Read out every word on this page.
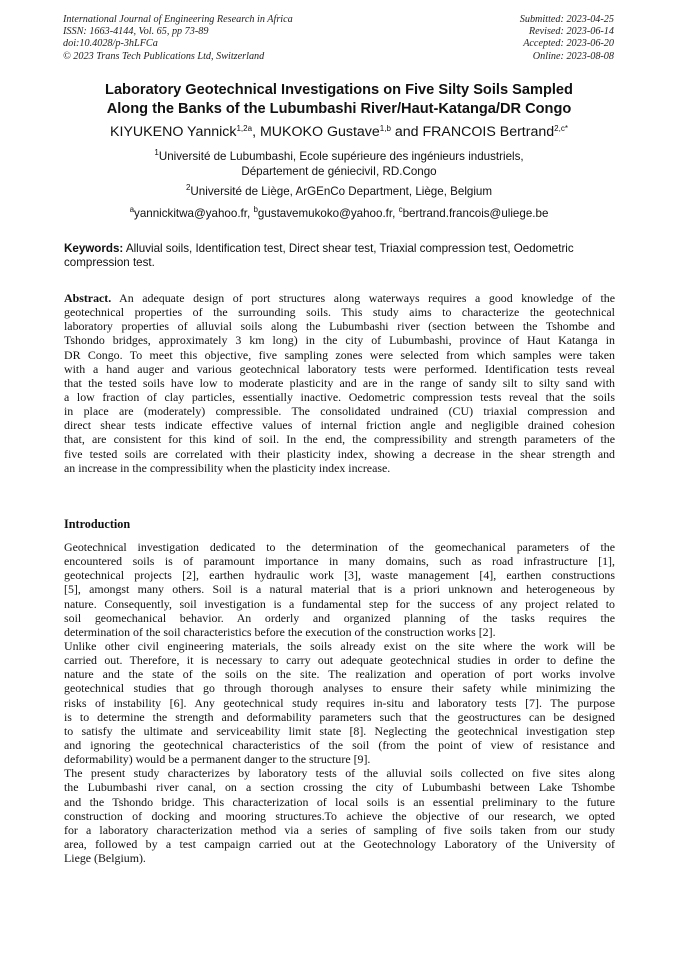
International Journal of Engineering Research in Africa
ISSN: 1663-4144, Vol. 65, pp 73-89
doi:10.4028/p-3hLFCa
© 2023 Trans Tech Publications Ltd, Switzerland
Submitted: 2023-04-25
Revised: 2023-06-14
Accepted: 2023-06-20
Online: 2023-08-08
Laboratory Geotechnical Investigations on Five Silty Soils Sampled
Along the Banks of the Lubumbashi River/Haut-Katanga/DR Congo
KIYUKENO Yannick$^{1,2a}$, MUKOKO Gustave$^{1,b}$ and FRANCOIS Bertrand$^{2,c*}$
$^1$Université de Lubumbashi, Ecole supérieure des ingénieurs industriels,
Département de génieciviI, RD.Congo
$^2$Université de Liège, ArGEnCo Department, Liège, Belgium
$^a$yannickitwa@yahoo.fr, $^b$gustavemukoko@yahoo.fr, $^c$bertrand.francois@uliege.be
Keywords: Alluvial soils, Identification test, Direct shear test, Triaxial compression test, Oedometric
compression test.
Abstract. An adequate design of port structures along waterways requires a good knowledge of the
geotechnical properties of the surrounding soils. This study aims to characterize the geotechnical
laboratory properties of alluvial soils along the Lubumbashi river (section between the Tshombe and
Tshondo bridges, approximately 3 km long) in the city of Lubumbashi, province of Haut Katanga in
DR Congo. To meet this objective, five sampling zones were selected from which samples were taken
with a hand auger and various geotechnical laboratory tests were performed. Identification tests reveal
that the tested soils have low to moderate plasticity and are in the range of sandy silt to silty sand with
a low fraction of clay particles, essentially inactive. Oedometric compression tests reveal that the soils
in place are (moderately) compressible. The consolidated undrained (CU) triaxial compression and
direct shear tests indicate effective values of internal friction angle and negligible drained cohesion
that, are consistent for this kind of soil. In the end, the compressibility and strength parameters of the
five tested soils are correlated with their plasticity index, showing a decrease in the shear strength and
an increase in the compressibility when the plasticity index increase.
Introduction
Geotechnical investigation dedicated to the determination of the geomechanical parameters of the
encountered soils is of paramount importance in many domains, such as road infrastructure [1],
geotechnical projects [2], earthen hydraulic work [3], waste management [4], earthen constructions
[5], amongst many others. Soil is a natural material that is a priori unknown and heterogeneous by
nature. Consequently, soil investigation is a fundamental step for the success of any project related to
soil geomechanical behavior. An orderly and organized planning of the tasks requires the
determination of the soil characteristics before the execution of the construction works [2].
Unlike other civil engineering materials, the soils already exist on the site where the work will be
carried out. Therefore, it is necessary to carry out adequate geotechnical studies in order to define the
nature and the state of the soils on the site. The realization and operation of port works involve
geotechnical studies that go through thorough analyses to ensure their safety while minimizing the
risks of instability [6]. Any geotechnical study requires in-situ and laboratory tests [7]. The purpose
is to determine the strength and deformability parameters such that the geostructures can be designed
to satisfy the ultimate and serviceability limit state [8]. Neglecting the geotechnical investigation step
and ignoring the geotechnical characteristics of the soil (from the point of view of resistance and
deformability) would be a permanent danger to the structure [9].
The present study characterizes by laboratory tests of the alluvial soils collected on five sites along
the Lubumbashi river canal, on a section crossing the city of Lubumbashi between Lake Tshombe
and the Tshondo bridge. This characterization of local soils is an essential preliminary to the future
construction of docking and mooring structures.To achieve the objective of our research, we opted
for a laboratory characterization method via a series of sampling of five soils taken from our study
area, followed by a test campaign carried out at the Geotechnology Laboratory of the University of
Liege (Belgium).
